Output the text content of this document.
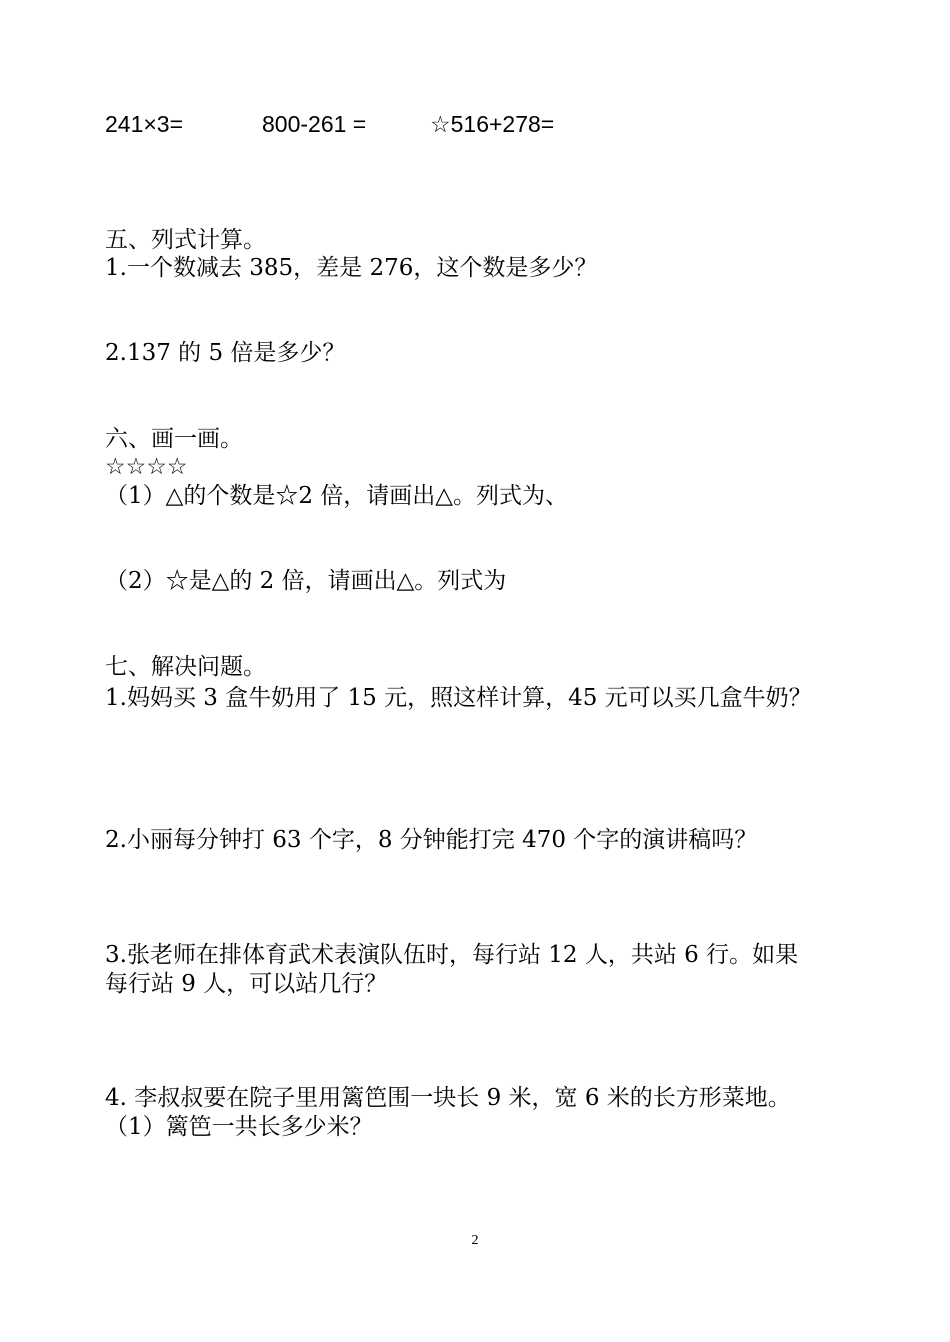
241×3=	800-261 =	☆516+278=
五、列式计算。
1.一个数减去 385，差是 276，这个数是多少？
2.137 的 5 倍是多少？
六、画一画。
☆☆☆☆
（1）△的个数是☆2 倍，请画出△。列式为、
（2）☆是△的 2 倍，请画出△。列式为
七、解决问题。
1.妈妈买 3 盒牛奶用了 15 元，照这样计算，45 元可以买几盒牛奶？
2.小丽每分钟打 63 个字，8 分钟能打完 470 个字的演讲稿吗？
3.张老师在排体育武术表演队伍时，每行站 12 人，共站 6 行。如果
每行站 9 人，可以站几行？
4. 李叔叔要在院子里用篱笆围一块长 9 米，宽 6 米的长方形菜地。
（1）篱笆一共长多少米？
2
